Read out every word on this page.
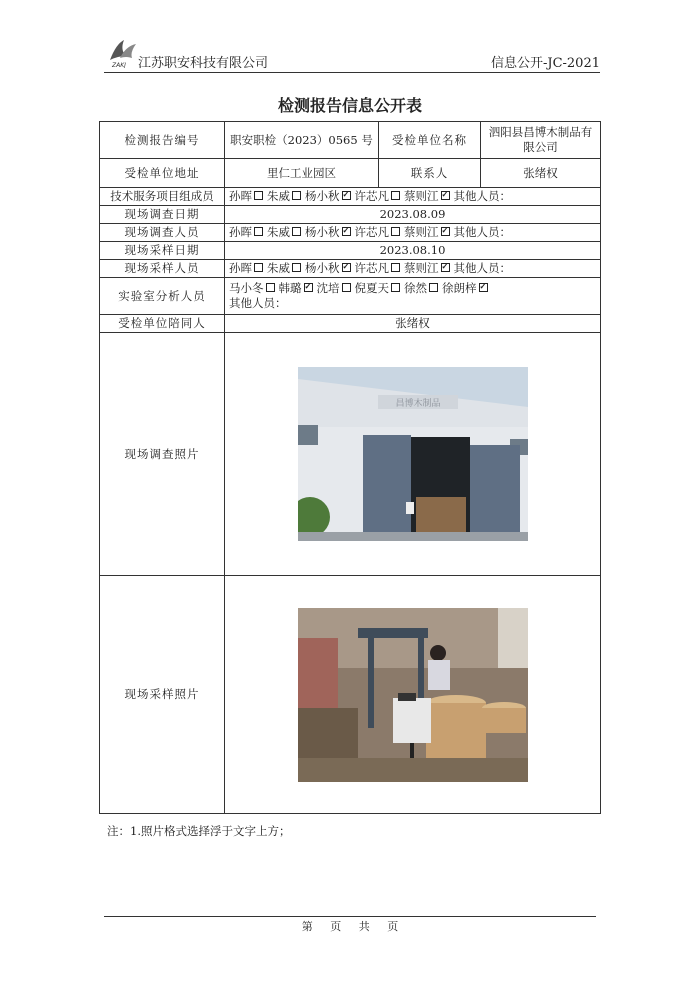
ZAKJ 江苏职安科技有限公司	信息公开-JC-2021
检测报告信息公开表
检测报告编号	职安职检（2023）0565 号	受检单位名称	泗阳县昌博木制品有限公司
受检单位地址	里仁工业园区	联系人	张绪权
技术服务项目组成员	孙晖 朱威 杨小秋 ✓ 许芯凡 蔡则江 ✓ 其他人员：
现场调查日期	2023.08.09		
现场调查人员	孙晖 朱威 杨小秋 ✓ 许芯凡 蔡则江 ✓ 其他人员：
现场采样日期	2023.08.10		
现场采样人员	孙晖 朱威 杨小秋 ✓ 许芯凡 蔡则江 ✓ 其他人员：
实验室分析人员	马小冬 韩璐 ✓ 沈培 倪夏天 徐然 徐朗梓✓
其他人员：

受检单位陪同人	张绪权		
现场调查照片	昌博木制品		

现场采样照片	
注：1.照片格式选择浮于文字上方；
第 页 共 页
